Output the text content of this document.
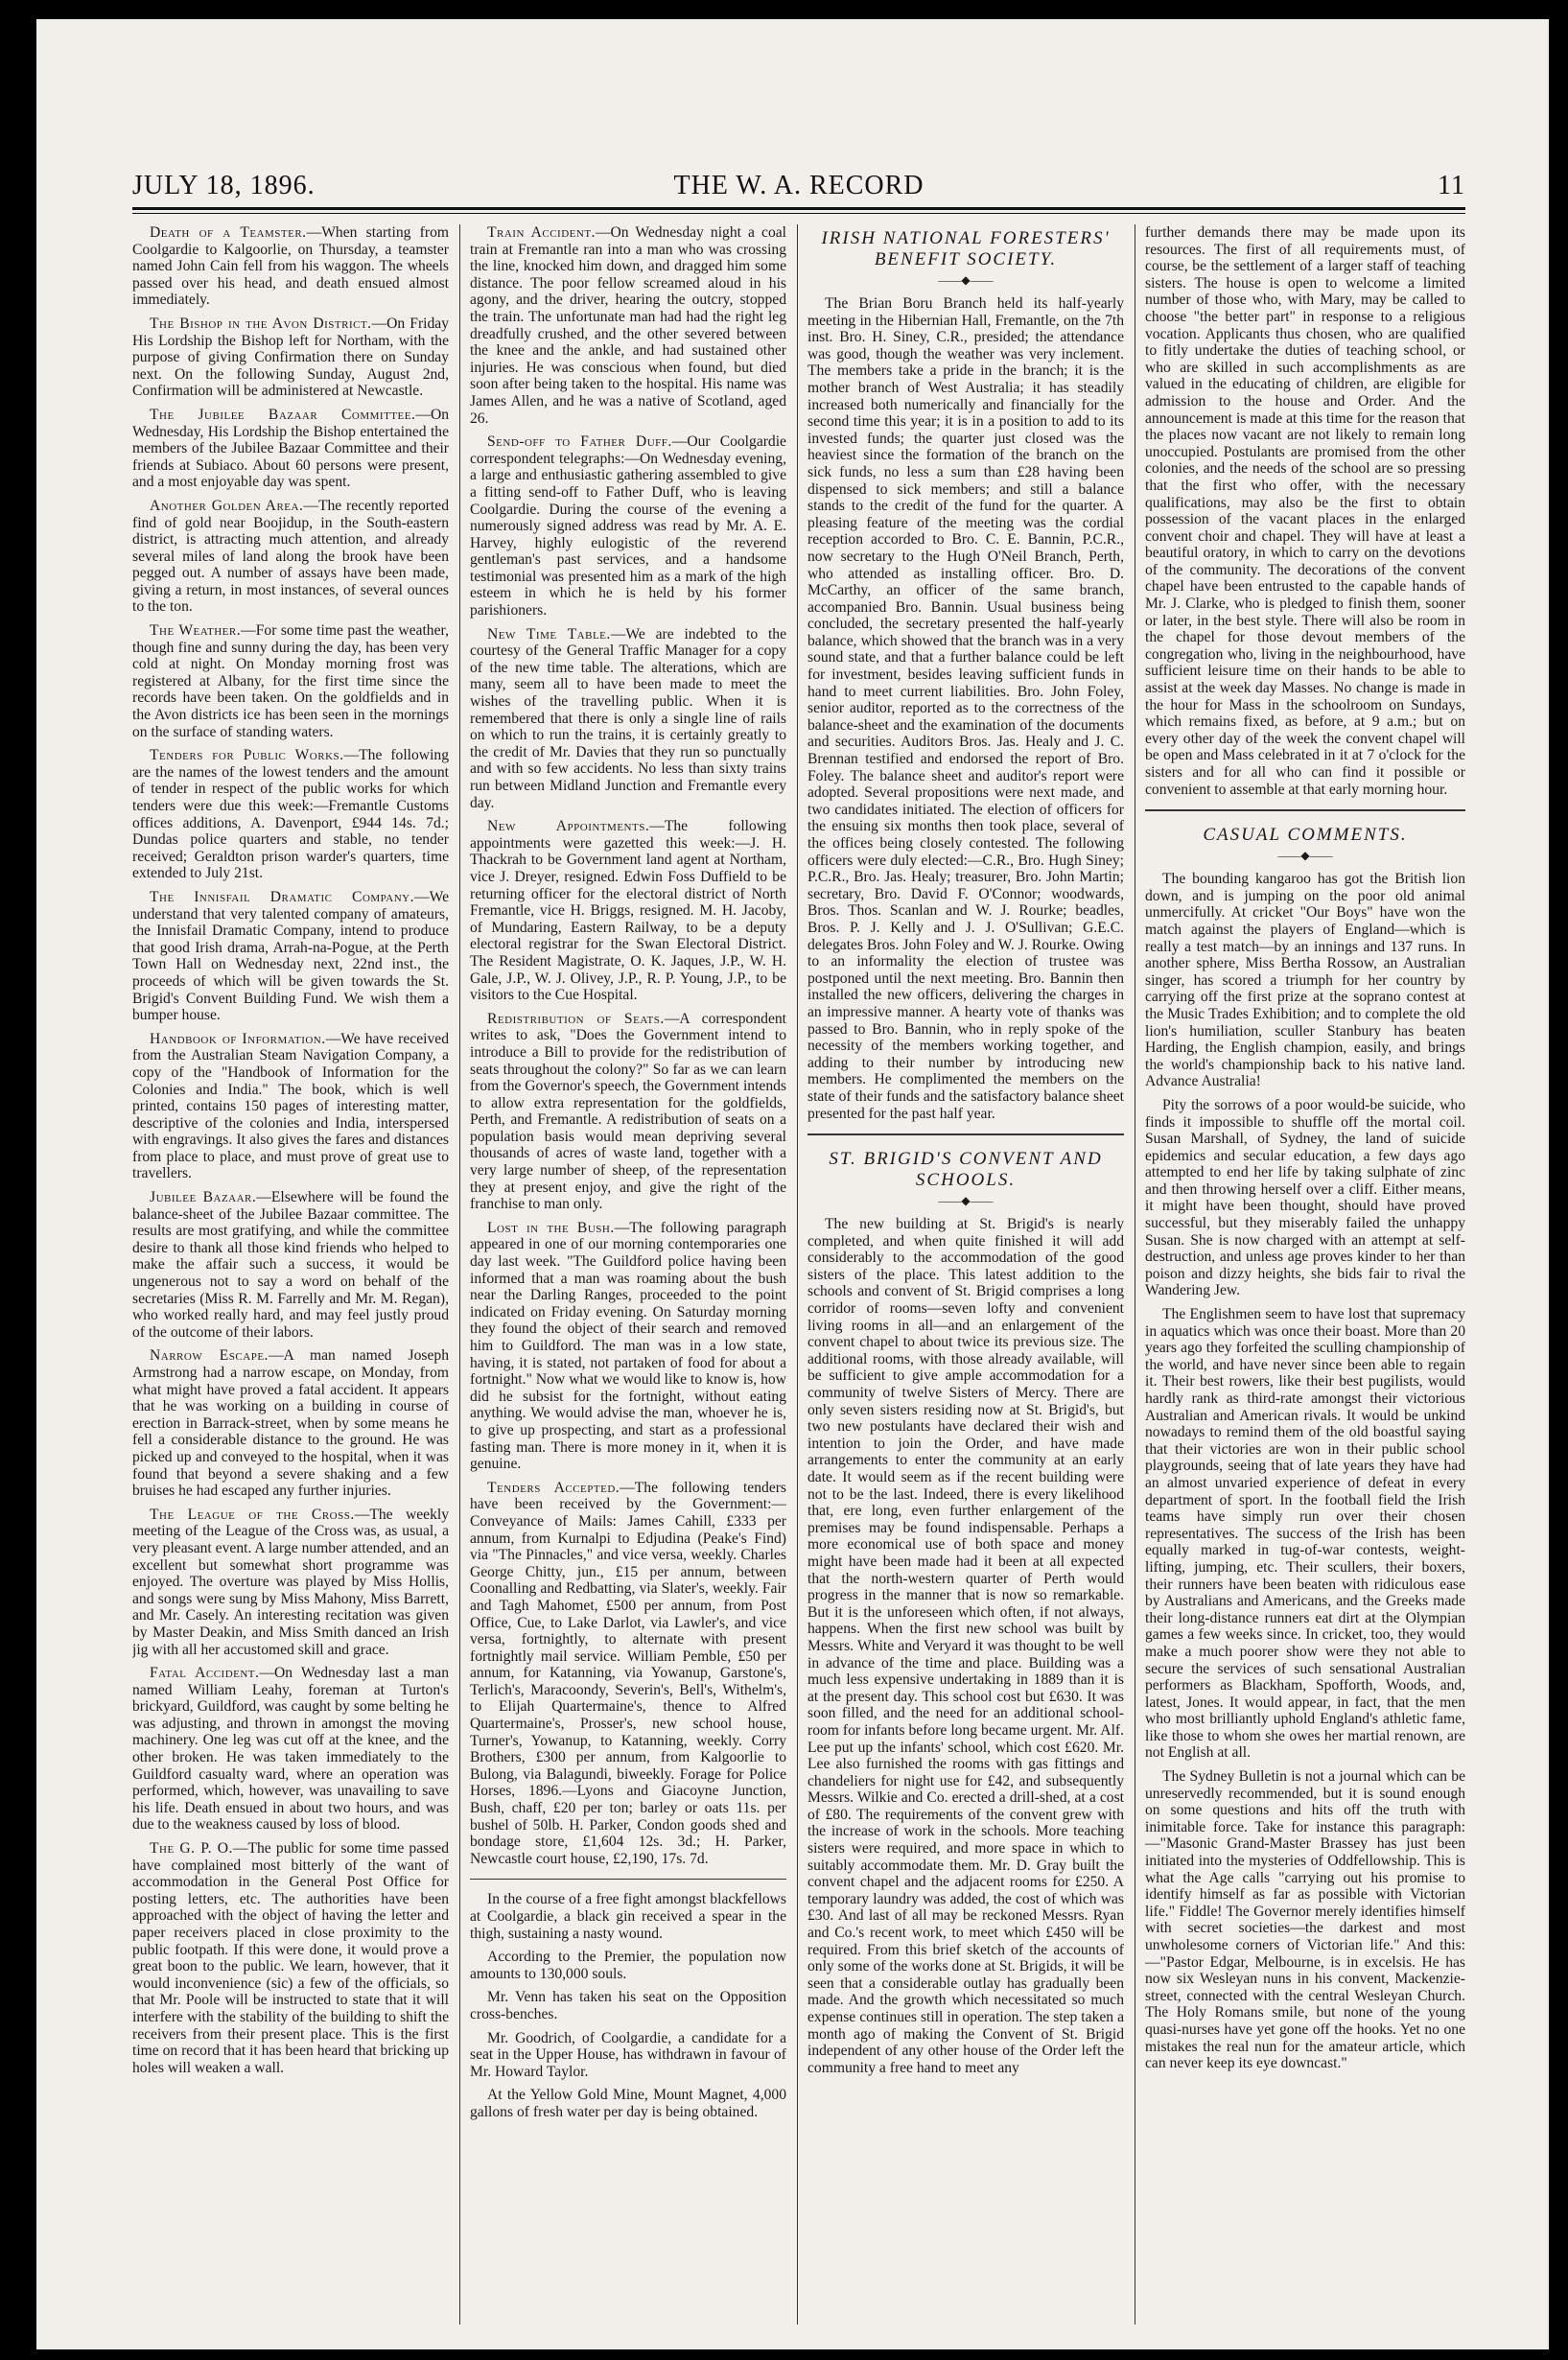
JULY 18, 1896.	THE W. A. RECORD	11

Death of a Teamster.—When starting from Coolgardie to Kalgoorlie, on Thursday, a teamster named John Cain fell from his waggon. The wheels passed over his head, and death ensued almost immediately.

The Bishop in the Avon District.—On Friday His Lordship the Bishop left for Northam, with the purpose of giving Confirmation there on Sunday next. On the following Sunday, August 2nd, Confirmation will be administered at Newcastle.

The Jubilee Bazaar Committee.—On Wednesday, His Lordship the Bishop entertained the members of the Jubilee Bazaar Committee and their friends at Subiaco. About 60 persons were present, and a most enjoyable day was spent.

Another Golden Area.—The recently reported find of gold near Boojidup, in the South-eastern district, is attracting much attention, and already several miles of land along the brook have been pegged out. A number of assays have been made, giving a return, in most instances, of several ounces to the ton.

The Weather.—For some time past the weather, though fine and sunny during the day, has been very cold at night. On Monday morning frost was registered at Albany, for the first time since the records have been taken. On the goldfields and in the Avon districts ice has been seen in the mornings on the surface of standing waters.

Tenders for Public Works.—The following are the names of the lowest tenders and the amount of tender in respect of the public works for which tenders were due this week:—Fremantle Customs offices additions, A. Davenport, £944 14s. 7d.; Dundas police quarters and stable, no tender received; Geraldton prison warder's quarters, time extended to July 21st.

The Innisfail Dramatic Company.—We understand that very talented company of amateurs, the Innisfail Dramatic Company, intend to produce that good Irish drama, Arrah-na-Pogue, at the Perth Town Hall on Wednesday next, 22nd inst., the proceeds of which will be given towards the St. Brigid's Convent Building Fund. We wish them a bumper house.

Handbook of Information.—We have received from the Australian Steam Navigation Company, a copy of the "Handbook of Information for the Colonies and India." The book, which is well printed, contains 150 pages of interesting matter, descriptive of the colonies and India, interspersed with engravings. It also gives the fares and distances from place to place, and must prove of great use to travellers.

Jubilee Bazaar.—Elsewhere will be found the balance-sheet of the Jubilee Bazaar committee. The results are most gratifying, and while the committee desire to thank all those kind friends who helped to make the affair such a success, it would be ungenerous not to say a word on behalf of the secretaries (Miss R. M. Farrelly and Mr. M. Regan), who worked really hard, and may feel justly proud of the outcome of their labors.

Narrow Escape.—A man named Joseph Armstrong had a narrow escape, on Monday, from what might have proved a fatal accident. It appears that he was working on a building in course of erection in Barrack-street, when by some means he fell a considerable distance to the ground. He was picked up and conveyed to the hospital, when it was found that beyond a severe shaking and a few bruises he had escaped any further injuries.

The League of the Cross.—The weekly meeting of the League of the Cross was, as usual, a very pleasant event. A large number attended, and an excellent but somewhat short programme was enjoyed. The overture was played by Miss Hollis, and songs were sung by Miss Mahony, Miss Barrett, and Mr. Casely. An interesting recitation was given by Master Deakin, and Miss Smith danced an Irish jig with all her accustomed skill and grace.

Fatal Accident.—On Wednesday last a man named William Leahy, foreman at Turton's brickyard, Guildford, was caught by some belting he was adjusting, and thrown in amongst the moving machinery. One leg was cut off at the knee, and the other broken. He was taken immediately to the Guildford casualty ward, where an operation was performed, which, however, was unavailing to save his life. Death ensued in about two hours, and was due to the weakness caused by loss of blood.

The G. P. O.—The public for some time passed have complained most bitterly of the want of accommodation in the General Post Office for posting letters, etc. The authorities have been approached with the object of having the letter and paper receivers placed in close proximity to the public footpath. If this were done, it would prove a great boon to the public. We learn, however, that it would inconvenience (sic) a few of the officials, so that Mr. Poole will be instructed to state that it will interfere with the stability of the building to shift the receivers from their present place. This is the first time on record that it has been heard that bricking up holes will weaken a wall.

Train Accident.—On Wednesday night a coal train at Fremantle ran into a man who was crossing the line, knocked him down, and dragged him some distance. The poor fellow screamed aloud in his agony, and the driver, hearing the outcry, stopped the train. The unfortunate man had had the right leg dreadfully crushed, and the other severed between the knee and the ankle, and had sustained other injuries. He was conscious when found, but died soon after being taken to the hospital. His name was James Allen, and he was a native of Scotland, aged 26.

Send-off to Father Duff.—Our Coolgardie correspondent telegraphs:—On Wednesday evening, a large and enthusiastic gathering assembled to give a fitting send-off to Father Duff, who is leaving Coolgardie. During the course of the evening a numerously signed address was read by Mr. A. E. Harvey, highly eulogistic of the reverend gentleman's past services, and a handsome testimonial was presented him as a mark of the high esteem in which he is held by his former parishioners.

New Time Table.—We are indebted to the courtesy of the General Traffic Manager for a copy of the new time table. The alterations, which are many, seem all to have been made to meet the wishes of the travelling public. When it is remembered that there is only a single line of rails on which to run the trains, it is certainly greatly to the credit of Mr. Davies that they run so punctually and with so few accidents. No less than sixty trains run between Midland Junction and Fremantle every day.

New Appointments.—The following appointments were gazetted this week:—J. H. Thackrah to be Government land agent at Northam, vice J. Dreyer, resigned. Edwin Foss Duffield to be returning officer for the electoral district of North Fremantle, vice H. Briggs, resigned. M. H. Jacoby, of Mundaring, Eastern Railway, to be a deputy electoral registrar for the Swan Electoral District. The Resident Magistrate, O. K. Jaques, J.P., W. H. Gale, J.P., W. J. Olivey, J.P., R. P. Young, J.P., to be visitors to the Cue Hospital.

Redistribution of Seats.—A correspondent writes to ask, "Does the Government intend to introduce a Bill to provide for the redistribution of seats throughout the colony?" So far as we can learn from the Governor's speech, the Government intends to allow extra representation for the goldfields, Perth, and Fremantle. A redistribution of seats on a population basis would mean depriving several thousands of acres of waste land, together with a very large number of sheep, of the representation they at present enjoy, and give the right of the franchise to man only.

Lost in the Bush.—The following paragraph appeared in one of our morning contemporaries one day last week. "The Guildford police having been informed that a man was roaming about the bush near the Darling Ranges, proceeded to the point indicated on Friday evening. On Saturday morning they found the object of their search and removed him to Guildford. The man was in a low state, having, it is stated, not partaken of food for about a fortnight." Now what we would like to know is, how did he subsist for the fortnight, without eating anything. We would advise the man, whoever he is, to give up prospecting, and start as a professional fasting man. There is more money in it, when it is genuine.

Tenders Accepted.—The following tenders have been received by the Government:—Conveyance of Mails: James Cahill, £333 per annum, from Kurnalpi to Edjudina (Peake's Find) via "The Pinnacles," and vice versa, weekly. Charles George Chitty, jun., £15 per annum, between Coonalling and Redbatting, via Slater's, weekly. Fair and Tagh Mahomet, £500 per annum, from Post Office, Cue, to Lake Darlot, via Lawler's, and vice versa, fortnightly, to alternate with present fortnightly mail service. William Pemble, £50 per annum, for Katanning, via Yowanup, Garstone's, Terlich's, Maracoondy, Severin's, Bell's, Withelm's, to Elijah Quartermaine's, thence to Alfred Quartermaine's, Prosser's, new school house, Turner's, Yowanup, to Katanning, weekly. Corry Brothers, £300 per annum, from Kalgoorlie to Bulong, via Balagundi, biweekly. Forage for Police Horses, 1896.—Lyons and Giacoyne Junction, Bush, chaff, £20 per ton; barley or oats 11s. per bushel of 50lb. H. Parker, Condon goods shed and bondage store, £1,604 12s. 3d.; H. Parker, Newcastle court house, £2,190, 17s. 7d.

In the course of a free fight amongst blackfellows at Coolgardie, a black gin received a spear in the thigh, sustaining a nasty wound.

According to the Premier, the population now amounts to 130,000 souls.

Mr. Venn has taken his seat on the Opposition cross-benches.

Mr. Goodrich, of Coolgardie, a candidate for a seat in the Upper House, has withdrawn in favour of Mr. Howard Taylor.

At the Yellow Gold Mine, Mount Magnet, 4,000 gallons of fresh water per day is being obtained.

IRISH NATIONAL FORESTERS' BENEFIT SOCIETY.
——◆——

The Brian Boru Branch held its half-yearly meeting in the Hibernian Hall, Fremantle, on the 7th inst. Bro. H. Siney, C.R., presided; the attendance was good, though the weather was very inclement. The members take a pride in the branch; it is the mother branch of West Australia; it has steadily increased both numerically and financially for the second time this year; it is in a position to add to its invested funds; the quarter just closed was the heaviest since the formation of the branch on the sick funds, no less a sum than £28 having been dispensed to sick members; and still a balance stands to the credit of the fund for the quarter. A pleasing feature of the meeting was the cordial reception accorded to Bro. C. E. Bannin, P.C.R., now secretary to the Hugh O'Neil Branch, Perth, who attended as installing officer. Bro. D. McCarthy, an officer of the same branch, accompanied Bro. Bannin. Usual business being concluded, the secretary presented the half-yearly balance, which showed that the branch was in a very sound state, and that a further balance could be left for investment, besides leaving sufficient funds in hand to meet current liabilities. Bro. John Foley, senior auditor, reported as to the correctness of the balance-sheet and the examination of the documents and securities. Auditors Bros. Jas. Healy and J. C. Brennan testified and endorsed the report of Bro. Foley. The balance sheet and auditor's report were adopted. Several propositions were next made, and two candidates initiated. The election of officers for the ensuing six months then took place, several of the offices being closely contested. The following officers were duly elected:—C.R., Bro. Hugh Siney; P.C.R., Bro. Jas. Healy; treasurer, Bro. John Martin; secretary, Bro. David F. O'Connor; woodwards, Bros. Thos. Scanlan and W. J. Rourke; beadles, Bros. P. J. Kelly and J. J. O'Sullivan; G.E.C. delegates Bros. John Foley and W. J. Rourke. Owing to an informality the election of trustee was postponed until the next meeting. Bro. Bannin then installed the new officers, delivering the charges in an impressive manner. A hearty vote of thanks was passed to Bro. Bannin, who in reply spoke of the necessity of the members working together, and adding to their number by introducing new members. He complimented the members on the state of their funds and the satisfactory balance sheet presented for the past half year.

ST. BRIGID'S CONVENT AND SCHOOLS.
——◆——

The new building at St. Brigid's is nearly completed, and when quite finished it will add considerably to the accommodation of the good sisters of the place. This latest addition to the schools and convent of St. Brigid comprises a long corridor of rooms—seven lofty and convenient living rooms in all—and an enlargement of the convent chapel to about twice its previous size. The additional rooms, with those already available, will be sufficient to give ample accommodation for a community of twelve Sisters of Mercy. There are only seven sisters residing now at St. Brigid's, but two new postulants have declared their wish and intention to join the Order, and have made arrangements to enter the community at an early date. It would seem as if the recent building were not to be the last. Indeed, there is every likelihood that, ere long, even further enlargement of the premises may be found indispensable. Perhaps a more economical use of both space and money might have been made had it been at all expected that the north-western quarter of Perth would progress in the manner that is now so remarkable. But it is the unforeseen which often, if not always, happens. When the first new school was built by Messrs. White and Veryard it was thought to be well in advance of the time and place. Building was a much less expensive undertaking in 1889 than it is at the present day. This school cost but £630. It was soon filled, and the need for an additional school-room for infants before long became urgent. Mr. Alf. Lee put up the infants' school, which cost £620. Mr. Lee also furnished the rooms with gas fittings and chandeliers for night use for £42, and subsequently Messrs. Wilkie and Co. erected a drill-shed, at a cost of £80. The requirements of the convent grew with the increase of work in the schools. More teaching sisters were required, and more space in which to suitably accommodate them. Mr. D. Gray built the convent chapel and the adjacent rooms for £250. A temporary laundry was added, the cost of which was £30. And last of all may be reckoned Messrs. Ryan and Co.'s recent work, to meet which £450 will be required. From this brief sketch of the accounts of only some of the works done at St. Brigids, it will be seen that a considerable outlay has gradually been made. And the growth which necessitated so much expense continues still in operation. The step taken a month ago of making the Convent of St. Brigid independent of any other house of the Order left the community a free hand to meet any

further demands there may be made upon its resources. The first of all requirements must, of course, be the settlement of a larger staff of teaching sisters. The house is open to welcome a limited number of those who, with Mary, may be called to choose "the better part" in response to a religious vocation. Applicants thus chosen, who are qualified to fitly undertake the duties of teaching school, or who are skilled in such accomplishments as are valued in the educating of children, are eligible for admission to the house and Order. And the announcement is made at this time for the reason that the places now vacant are not likely to remain long unoccupied. Postulants are promised from the other colonies, and the needs of the school are so pressing that the first who offer, with the necessary qualifications, may also be the first to obtain possession of the vacant places in the enlarged convent choir and chapel. They will have at least a beautiful oratory, in which to carry on the devotions of the community. The decorations of the convent chapel have been entrusted to the capable hands of Mr. J. Clarke, who is pledged to finish them, sooner or later, in the best style. There will also be room in the chapel for those devout members of the congregation who, living in the neighbourhood, have sufficient leisure time on their hands to be able to assist at the week day Masses. No change is made in the hour for Mass in the schoolroom on Sundays, which remains fixed, as before, at 9 a.m.; but on every other day of the week the convent chapel will be open and Mass celebrated in it at 7 o'clock for the sisters and for all who can find it possible or convenient to assemble at that early morning hour.

CASUAL COMMENTS.
——◆——

The bounding kangaroo has got the British lion down, and is jumping on the poor old animal unmercifully. At cricket "Our Boys" have won the match against the players of England—which is really a test match—by an innings and 137 runs. In another sphere, Miss Bertha Rossow, an Australian singer, has scored a triumph for her country by carrying off the first prize at the soprano contest at the Music Trades Exhibition; and to complete the old lion's humiliation, sculler Stanbury has beaten Harding, the English champion, easily, and brings the world's championship back to his native land. Advance Australia!

Pity the sorrows of a poor would-be suicide, who finds it impossible to shuffle off the mortal coil. Susan Marshall, of Sydney, the land of suicide epidemics and secular education, a few days ago attempted to end her life by taking sulphate of zinc and then throwing herself over a cliff. Either means, it might have been thought, should have proved successful, but they miserably failed the unhappy Susan. She is now charged with an attempt at self-destruction, and unless age proves kinder to her than poison and dizzy heights, she bids fair to rival the Wandering Jew.

The Englishmen seem to have lost that supremacy in aquatics which was once their boast. More than 20 years ago they forfeited the sculling championship of the world, and have never since been able to regain it. Their best rowers, like their best pugilists, would hardly rank as third-rate amongst their victorious Australian and American rivals. It would be unkind nowadays to remind them of the old boastful saying that their victories are won in their public school playgrounds, seeing that of late years they have had an almost unvaried experience of defeat in every department of sport. In the football field the Irish teams have simply run over their chosen representatives. The success of the Irish has been equally marked in tug-of-war contests, weight-lifting, jumping, etc. Their scullers, their boxers, their runners have been beaten with ridiculous ease by Australians and Americans, and the Greeks made their long-distance runners eat dirt at the Olympian games a few weeks since. In cricket, too, they would make a much poorer show were they not able to secure the services of such sensational Australian performers as Blackham, Spofforth, Woods, and, latest, Jones. It would appear, in fact, that the men who most brilliantly uphold England's athletic fame, like those to whom she owes her martial renown, are not English at all.

The Sydney Bulletin is not a journal which can be unreservedly recommended, but it is sound enough on some questions and hits off the truth with inimitable force. Take for instance this paragraph:—"Masonic Grand-Master Brassey has just been initiated into the mysteries of Oddfellowship. This is what the Age calls "carrying out his promise to identify himself as far as possible with Victorian life." Fiddle! The Governor merely identifies himself with secret societies—the darkest and most unwholesome corners of Victorian life." And this:—"Pastor Edgar, Melbourne, is in excelsis. He has now six Wesleyan nuns in his convent, Mackenzie-street, connected with the central Wesleyan Church. The Holy Romans smile, but none of the young quasi-nurses have yet gone off the hooks. Yet no one mistakes the real nun for the amateur article, which can never keep its eye downcast."
